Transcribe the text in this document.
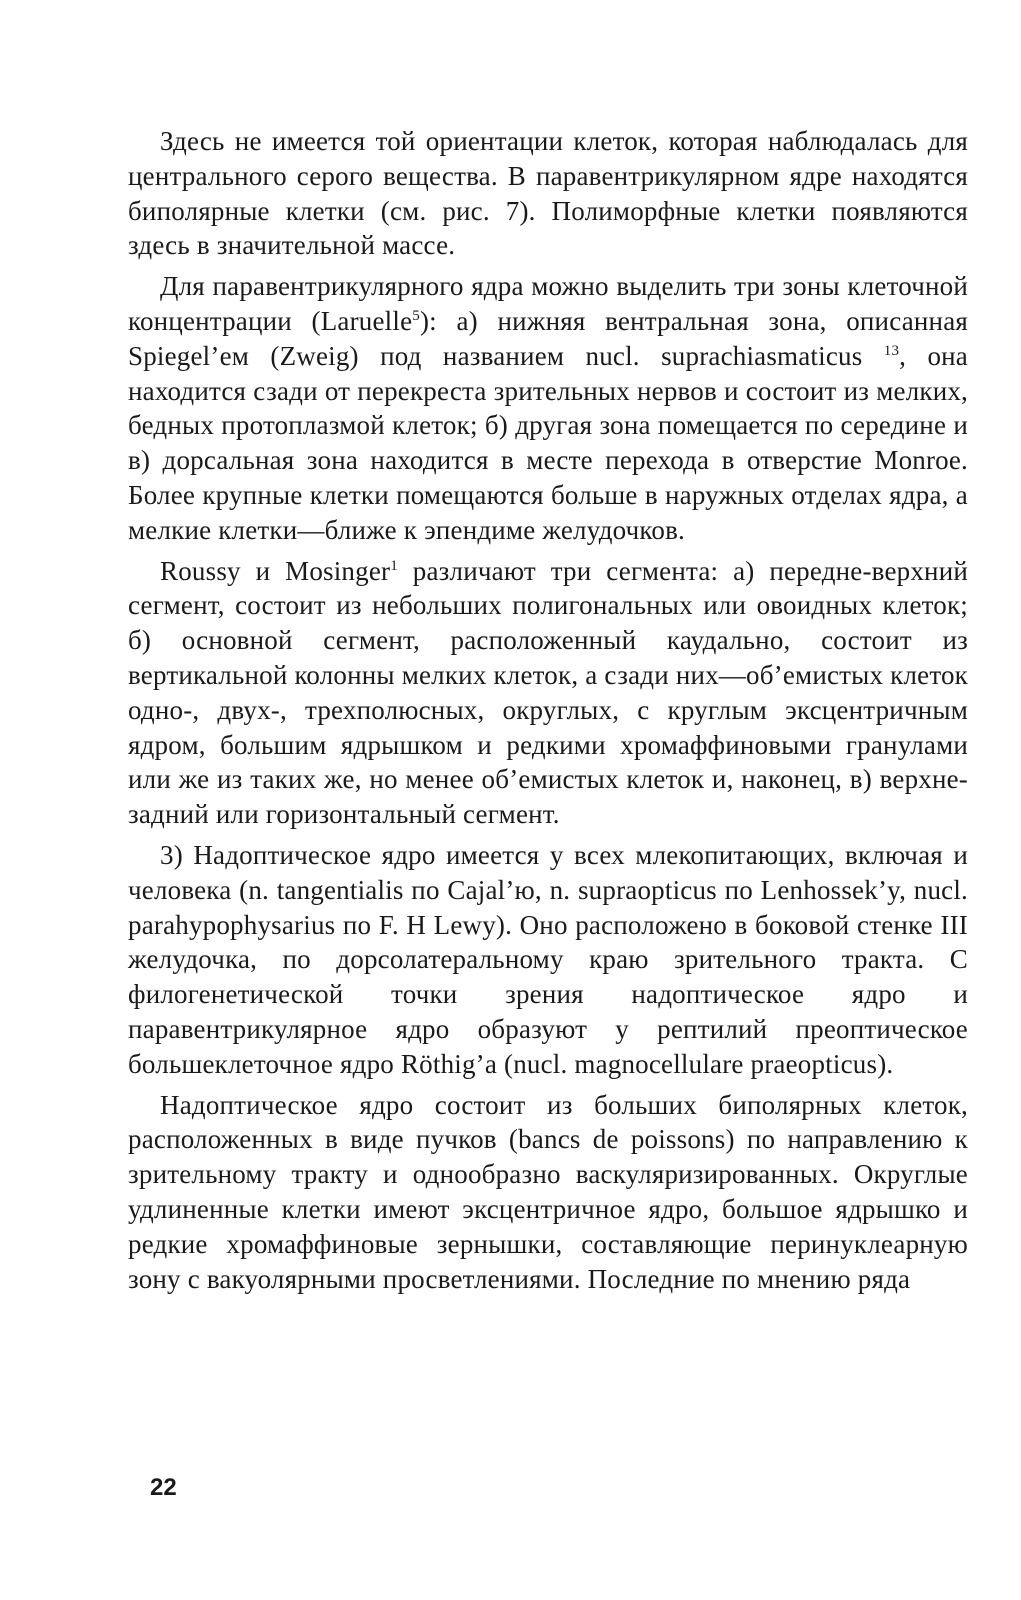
Здесь не имеется той ориентации клеток, которая наблюдалась для центрального серого вещества. В паравентрикулярном ядре находятся биполярные клетки (см. рис. 7). Полиморфные клетки появляются здесь в значительной массе.

Для паравентрикулярного ядра можно выделить три зоны клеточной концентрации (Laruelle$^5$): а) нижняя вентральная зона, описанная Spiegel’ем (Zweig) под названием nucl. suprachiasmaticus $^{13}$, она находится сзади от перекреста зрительных нервов и состоит из мелких, бедных протоплазмой клеток; б) другая зона помещается по середине и в) дорсальная зона находится в месте перехода в отверстие Monroe. Более крупные клетки помещаются больше в наружных отделах ядра, а мелкие клетки—ближе к эпендиме желудочков.

Roussy и Mosinger$^1$ различают три сегмента: а) передне-верхний сегмент, состоит из небольших полигональных или овоидных клеток; б) основной сегмент, расположенный каудально, состоит из вертикальной колонны мелких клеток, а сзади них—об’емистых клеток одно-, двух-, трехполюсных, округлых, с круглым эксцентричным ядром, большим ядрышком и редкими хромаффиновыми гранулами или же из таких же, но менее об’емистых клеток и, наконец, в) верхне-задний или горизонтальный сегмент.

3) Надоптическое ядро имеется у всех млекопитающих, включая и человека (n. tangentialis по Cajal’ю, n. supraopticus по Lenhossek’y, nucl. parahypophysarius по F. H Lewy). Оно расположено в боковой стенке III желудочка, по дорсолатеральному краю зрительного тракта. С филогенетической точки зрения надоптическое ядро и паравентрикулярное ядро образуют у рептилий преоптическое большеклеточное ядро Röthig’a (nucl. magnocellulare praeopticus).

Надоптическое ядро состоит из больших биполярных клеток, расположенных в виде пучков (bancs de poissons) по направлению к зрительному тракту и однообразно васкуляризированных. Округлые удлиненные клетки имеют эксцентричное ядро, большое ядрышко и редкие хромаффиновые зернышки, составляющие перинуклеарную зону с вакуолярными просветлениями. Последние по мнению ряда

22
